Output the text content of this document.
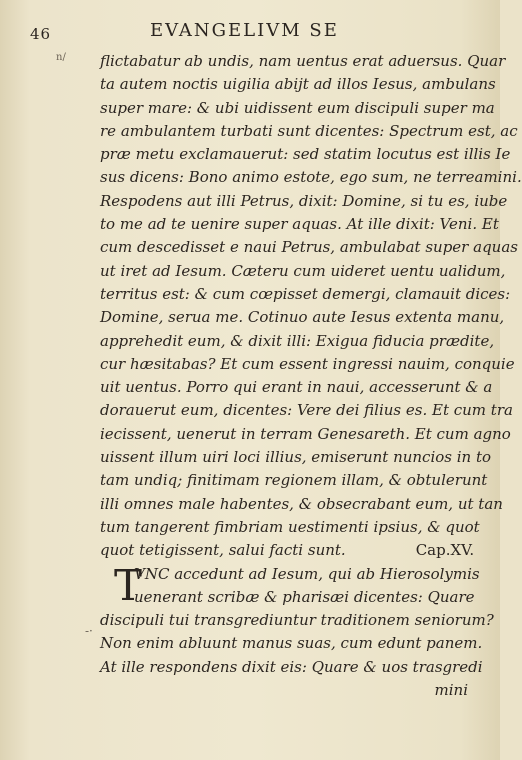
46	EVANGELIVM SE
n/
-·
flictabatur ab undis, nam uentus erat aduersus. Quar
ta autem noctis uigilia abijt ad illos Iesus, ambulans
super mare: & ubi uidissent eum discipuli super ma
re ambulantem turbati sunt dicentes: Spectrum est, ac
præ metu exclamauerut: sed statim locutus est illis Ie
sus dicens: Bono animo estote, ego sum, ne terreamini.
Respodens aut illi Petrus, dixit: Domine, si tu es, iube
to me ad te uenire super aquas. At ille dixit: Veni. Et
cum descedisset e naui Petrus, ambulabat super aquas
ut iret ad Iesum. Cæteru cum uideret uentu ualidum,
territus est: & cum cœpisset demergi, clamauit dices:
Domine, serua me. Cotinuo aute Iesus extenta manu,
apprehedit eum, & dixit illi: Exigua fiducia prædite,
cur hæsitabas? Et cum essent ingressi nauim, conquie
uit uentus. Porro qui erant in naui, accesserunt & a
dorauerut eum, dicentes: Vere dei filius es. Et cum tra
iecissent, uenerut in terram Genesareth. Et cum agno
uissent illum uiri loci illius, emiserunt nuncios in to
tam undiq; finitimam regionem illam, & obtulerunt
illi omnes male habentes, & obsecrabant eum, ut tan
tum tangerent fimbriam uestimenti ipsius, & quot
quot tetigissent, salui facti sunt.	Cap.XV.
T
VNC accedunt ad Iesum, qui ab Hierosolymis
uenerant scribæ & pharisæi dicentes: Quare
discipuli tui transgrediuntur traditionem seniorum?
Non enim abluunt manus suas, cum edunt panem.
At ille respondens dixit eis: Quare & uos trasgredi
mini
